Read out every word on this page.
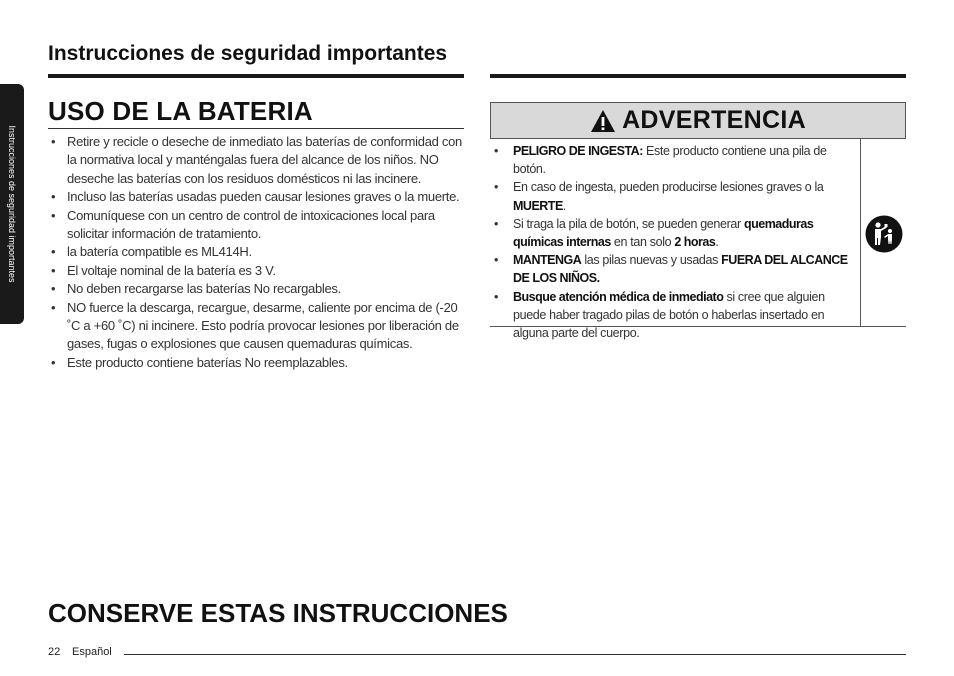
Instrucciones de seguridad importantes
Instrucciones de seguridad importantes
USO DE LA BATERIA
• Retire y recicle o deseche de inmediato las baterías de conformidad con la normativa local y manténgalas fuera del alcance de los niños. NO deseche las baterías con los residuos domésticos ni las incinere.
• Incluso las baterías usadas pueden causar lesiones graves o la muerte.
• Comuníquese con un centro de control de intoxicaciones local para solicitar información de tratamiento.
• la batería compatible es ML414H.
• El voltaje nominal de la batería es 3 V.
• No deben recargarse las baterías No recargables.
• NO fuerce la descarga, recargue, desarme, caliente por encima de (-20 ˚C a +60 ˚C) ni incinere. Esto podría provocar lesiones por liberación de gases, fugas o explosiones que causen quemaduras químicas.
• Este producto contiene baterías No reemplazables.
ADVERTENCIA
• PELIGRO DE INGESTA: Este producto contiene una pila de botón.
• En caso de ingesta, pueden producirse lesiones graves o la MUERTE.
• Si traga la pila de botón, se pueden generar quemaduras químicas internas en tan solo 2 horas.
• MANTENGA las pilas nuevas y usadas FUERA DEL ALCANCE DE LOS NIÑOS.
• Busque atención médica de inmediato si cree que alguien puede haber tragado pilas de botón o haberlas insertado en alguna parte del cuerpo.
CONSERVE ESTAS INSTRUCCIONES
22 Español
